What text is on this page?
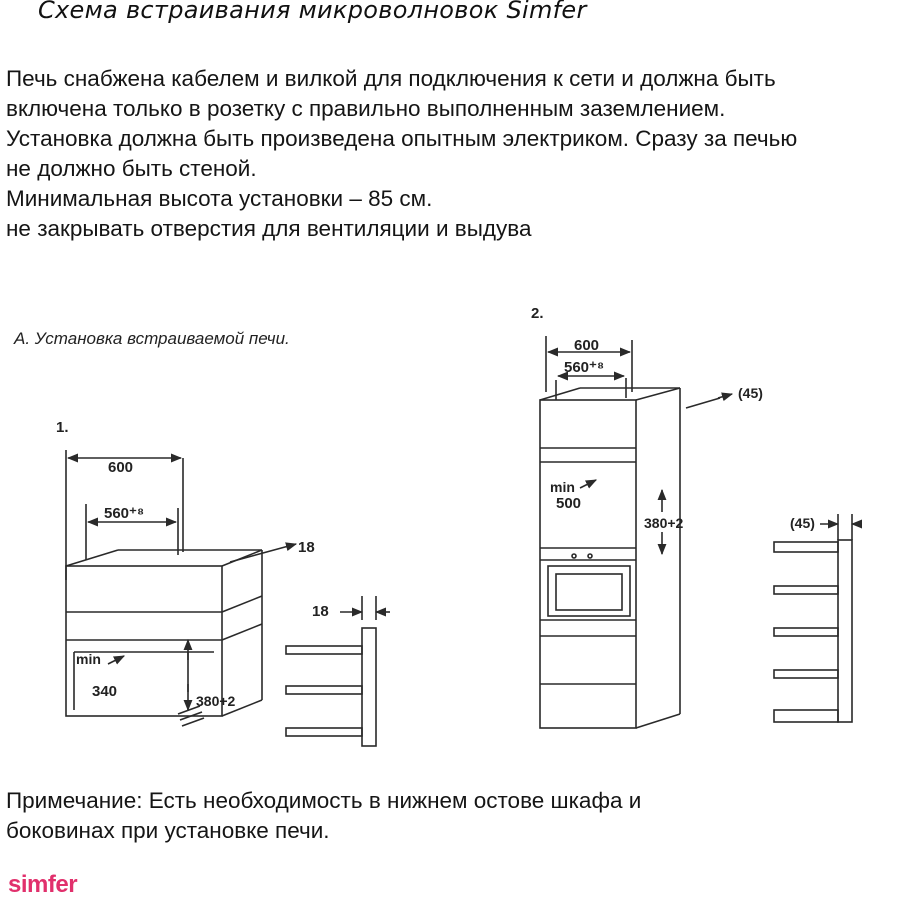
Схема встраивания микроволновок Simfer
Печь снабжена кабелем и вилкой для подключения к сети и должна быть
включена только в розетку с правильно выполненным заземлением.
Установка должна быть произведена опытным электриком. Сразу за печью
не должно быть стеной.
Минимальная высота установки – 85 см.
не закрывать отверстия для вентиляции и выдува
А. Установка встраиваемой печи.
1.
600
560⁺⁸
18
min
340
380+2
18
2.
600
560⁺⁸
(45)
min
500
380+2	(45)
Примечание: Есть необходимость в нижнем остове шкафа и
боковинах при установке печи.
simfer
